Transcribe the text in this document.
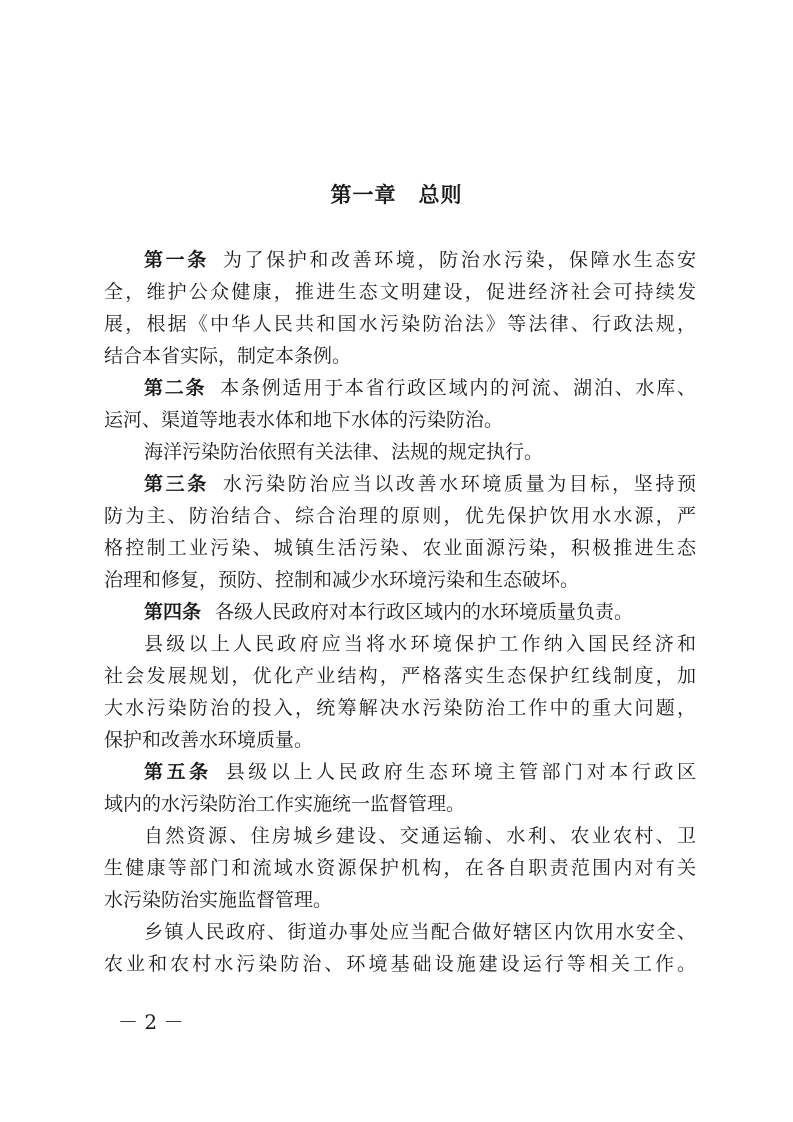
第一章 总则
第一条 为了保护和改善环境，防治水污染，保障水生态安
全，维护公众健康，推进生态文明建设，促进经济社会可持续发
展，根据《中华人民共和国水污染防治法》等法律、行政法规，
结合本省实际，制定本条例。
第二条 本条例适用于本省行政区域内的河流、湖泊、水库、
运河、渠道等地表水体和地下水体的污染防治。
海洋污染防治依照有关法律、法规的规定执行。
第三条 水污染防治应当以改善水环境质量为目标，坚持预
防为主、防治结合、综合治理的原则，优先保护饮用水水源，严
格控制工业污染、城镇生活污染、农业面源污染，积极推进生态
治理和修复，预防、控制和减少水环境污染和生态破坏。
第四条 各级人民政府对本行政区域内的水环境质量负责。
县级以上人民政府应当将水环境保护工作纳入国民经济和
社会发展规划，优化产业结构，严格落实生态保护红线制度，加
大水污染防治的投入，统筹解决水污染防治工作中的重大问题，
保护和改善水环境质量。
第五条 县级以上人民政府生态环境主管部门对本行政区
域内的水污染防治工作实施统一监督管理。
自然资源、住房城乡建设、交通运输、水利、农业农村、卫
生健康等部门和流域水资源保护机构，在各自职责范围内对有关
水污染防治实施监督管理。
乡镇人民政府、街道办事处应当配合做好辖区内饮用水安全、
农业和农村水污染防治、环境基础设施建设运行等相关工作。
－ 2 －
